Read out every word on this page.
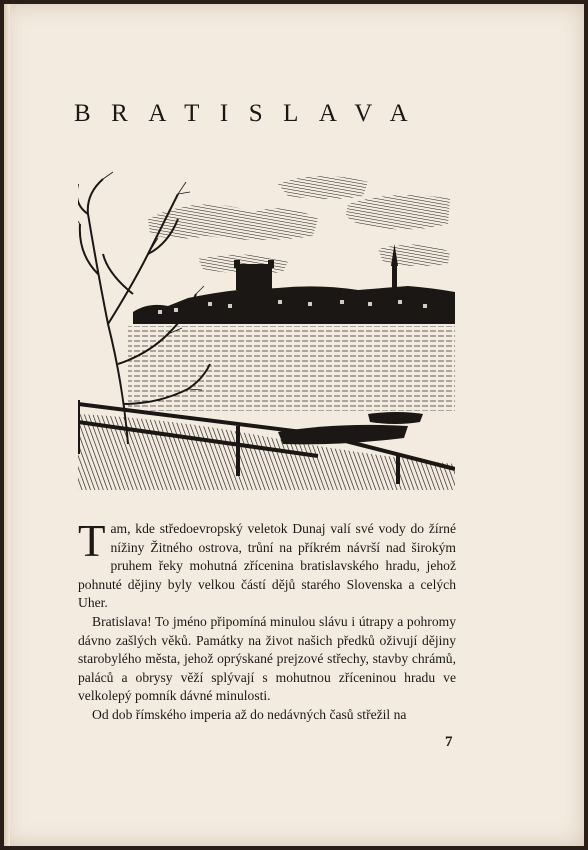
BRATISLAVA

Tam, kde středoevropský veletok Dunaj valí své vody do žírné nížiny Žitného ostrova, trůní na příkrém návrší nad širokým pruhem řeky mohutná zřícenina bratislavského hradu, jehož pohnuté dějiny byly velkou částí dějů starého Slovenska a celých Uher.

Bratislava! To jméno připomíná minulou slávu i útrapy a pohromy dávno zašlých věků. Památky na život našich předků oživují dějiny starobylého města, jehož oprýskané prejzové střechy, stavby chrámů, paláců a obrysy věží splývají s mohutnou zříceninou hradu ve velkolepý pomník dávné minulosti.

Od dob římského imperia až do nedávných časů střežil na

7
